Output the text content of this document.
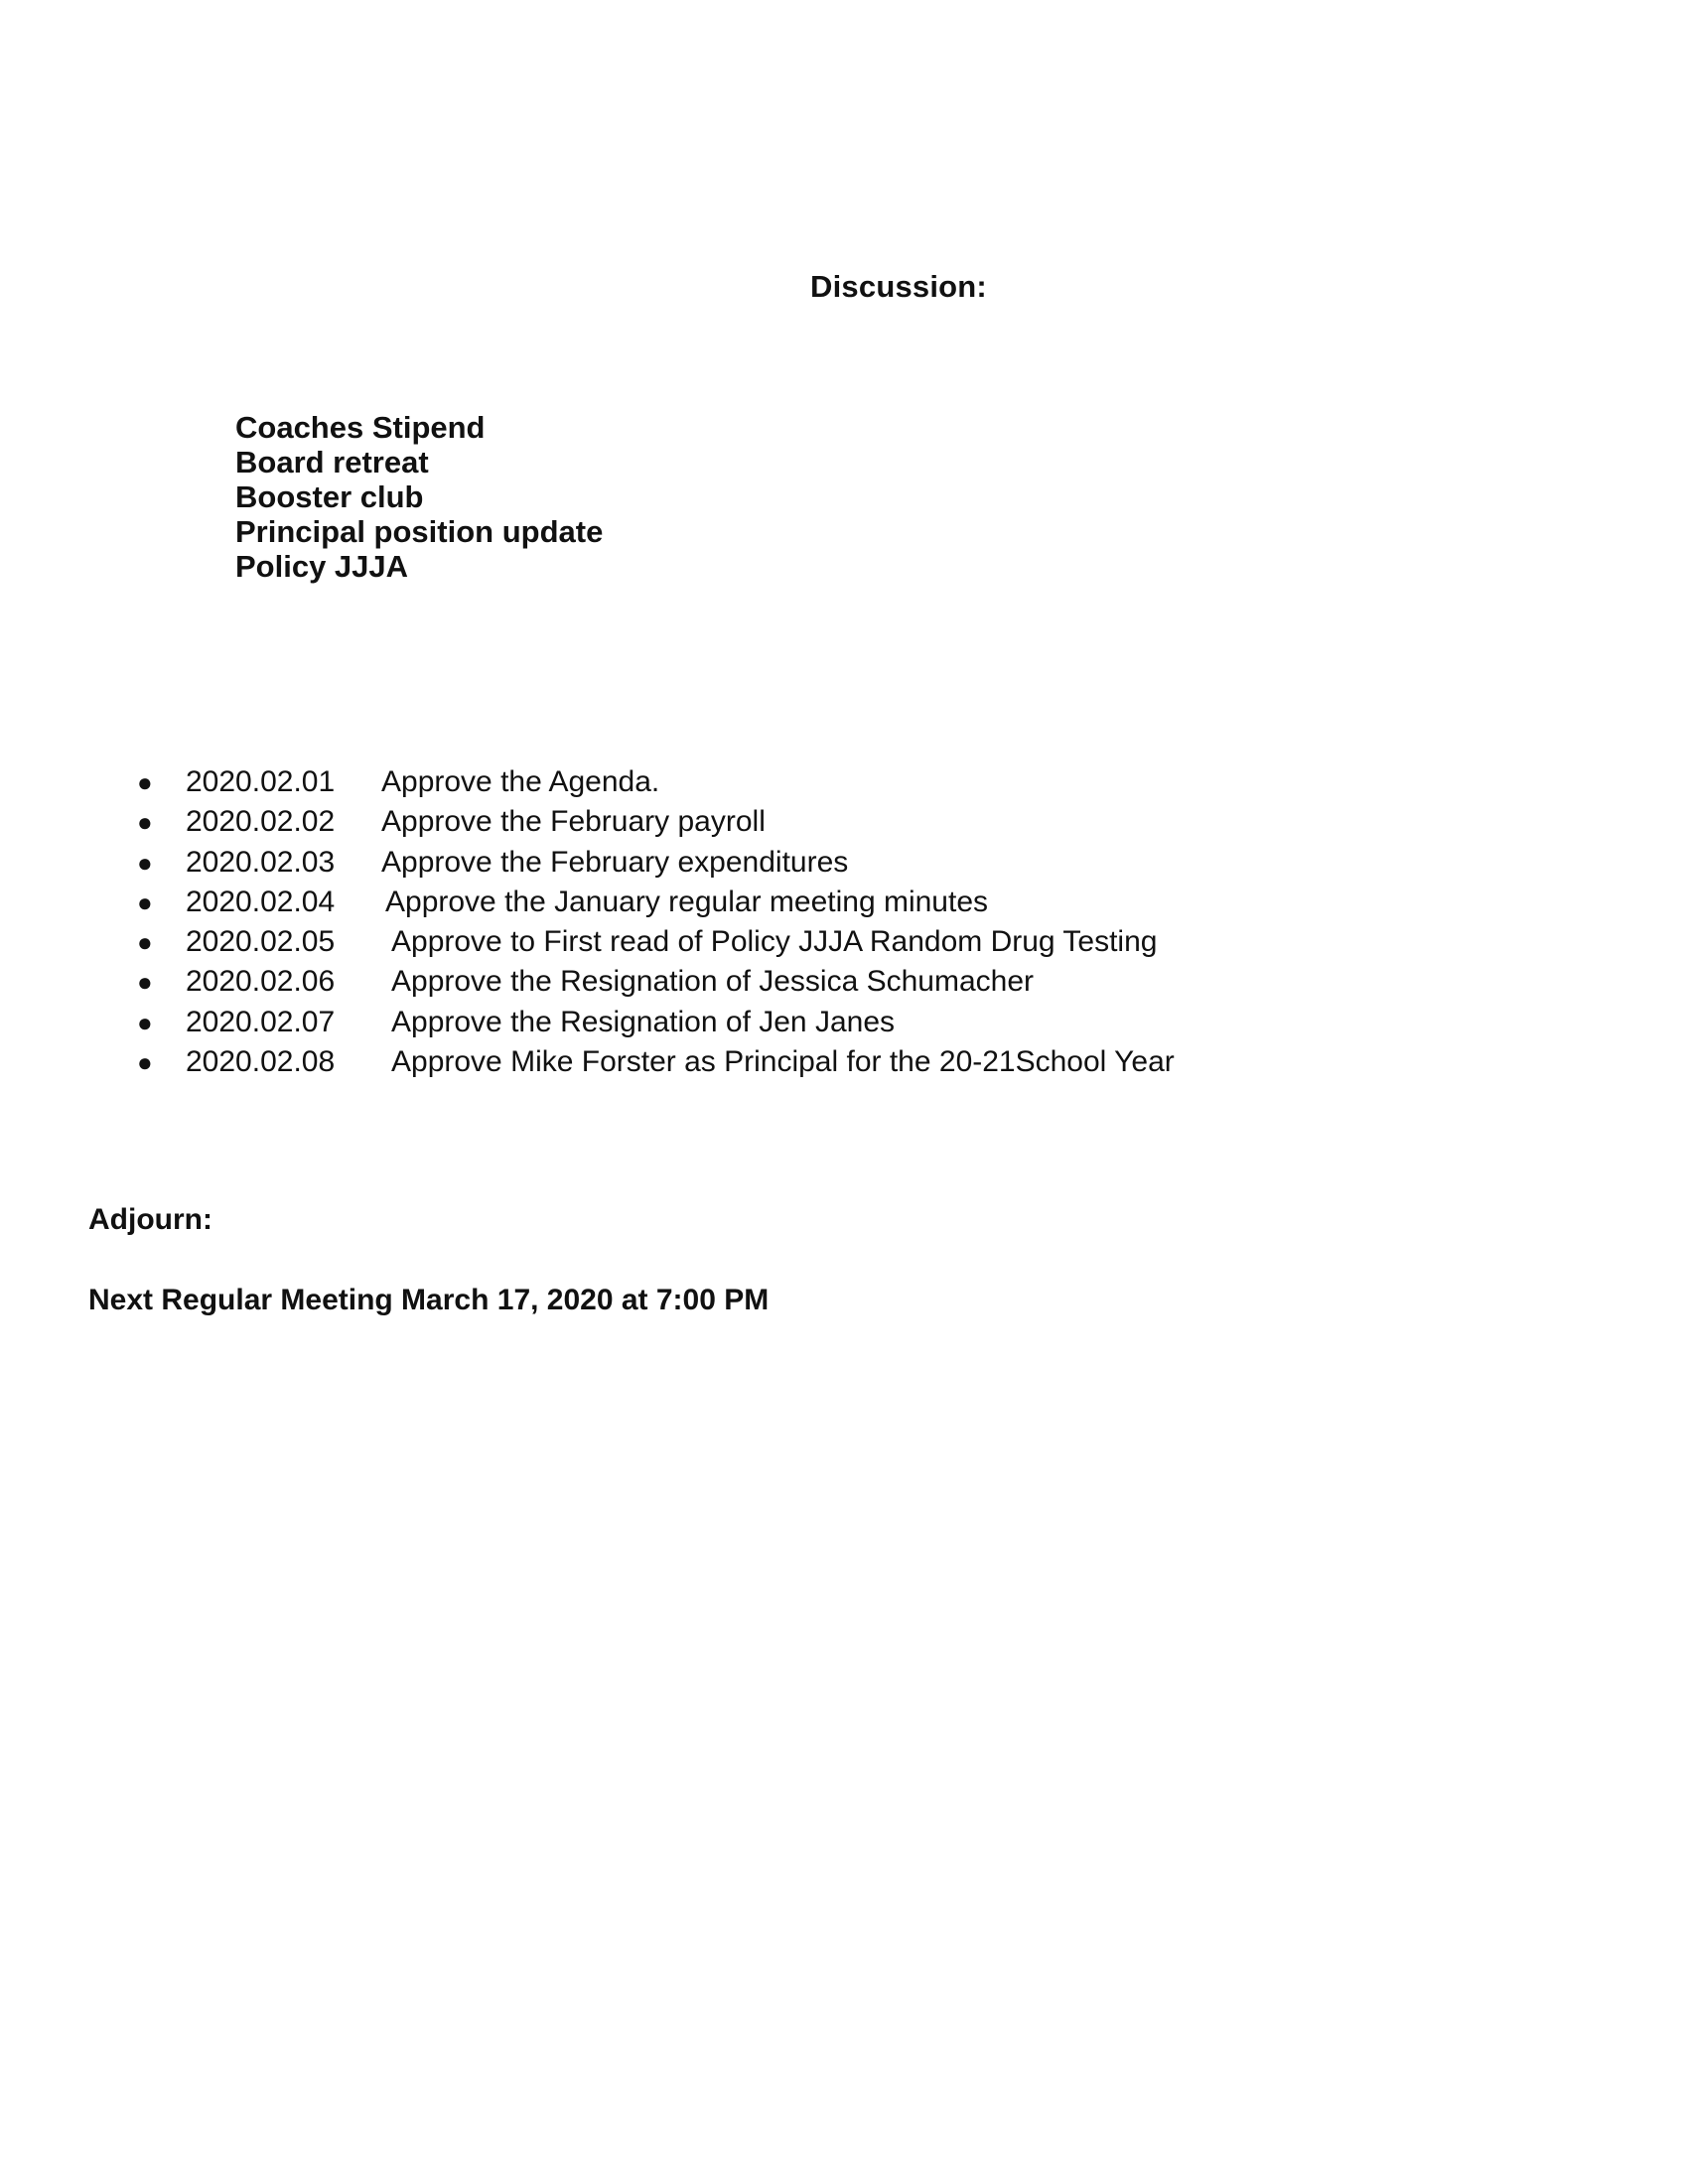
Discussion:
Coaches Stipend
Board retreat
Booster club
Principal position update
Policy JJJA
● 2020.02.01 Approve the Agenda.
● 2020.02.02 Approve the February payroll
● 2020.02.03 Approve the February expenditures
● 2020.02.04 Approve the January regular meeting minutes
● 2020.02.05 Approve to First read of Policy JJJA Random Drug Testing
● 2020.02.06 Approve the Resignation of Jessica Schumacher
● 2020.02.07 Approve the Resignation of Jen Janes
● 2020.02.08 Approve Mike Forster as Principal for the 20-21School Year
Adjourn:
Next Regular Meeting March 17, 2020 at 7:00 PM
